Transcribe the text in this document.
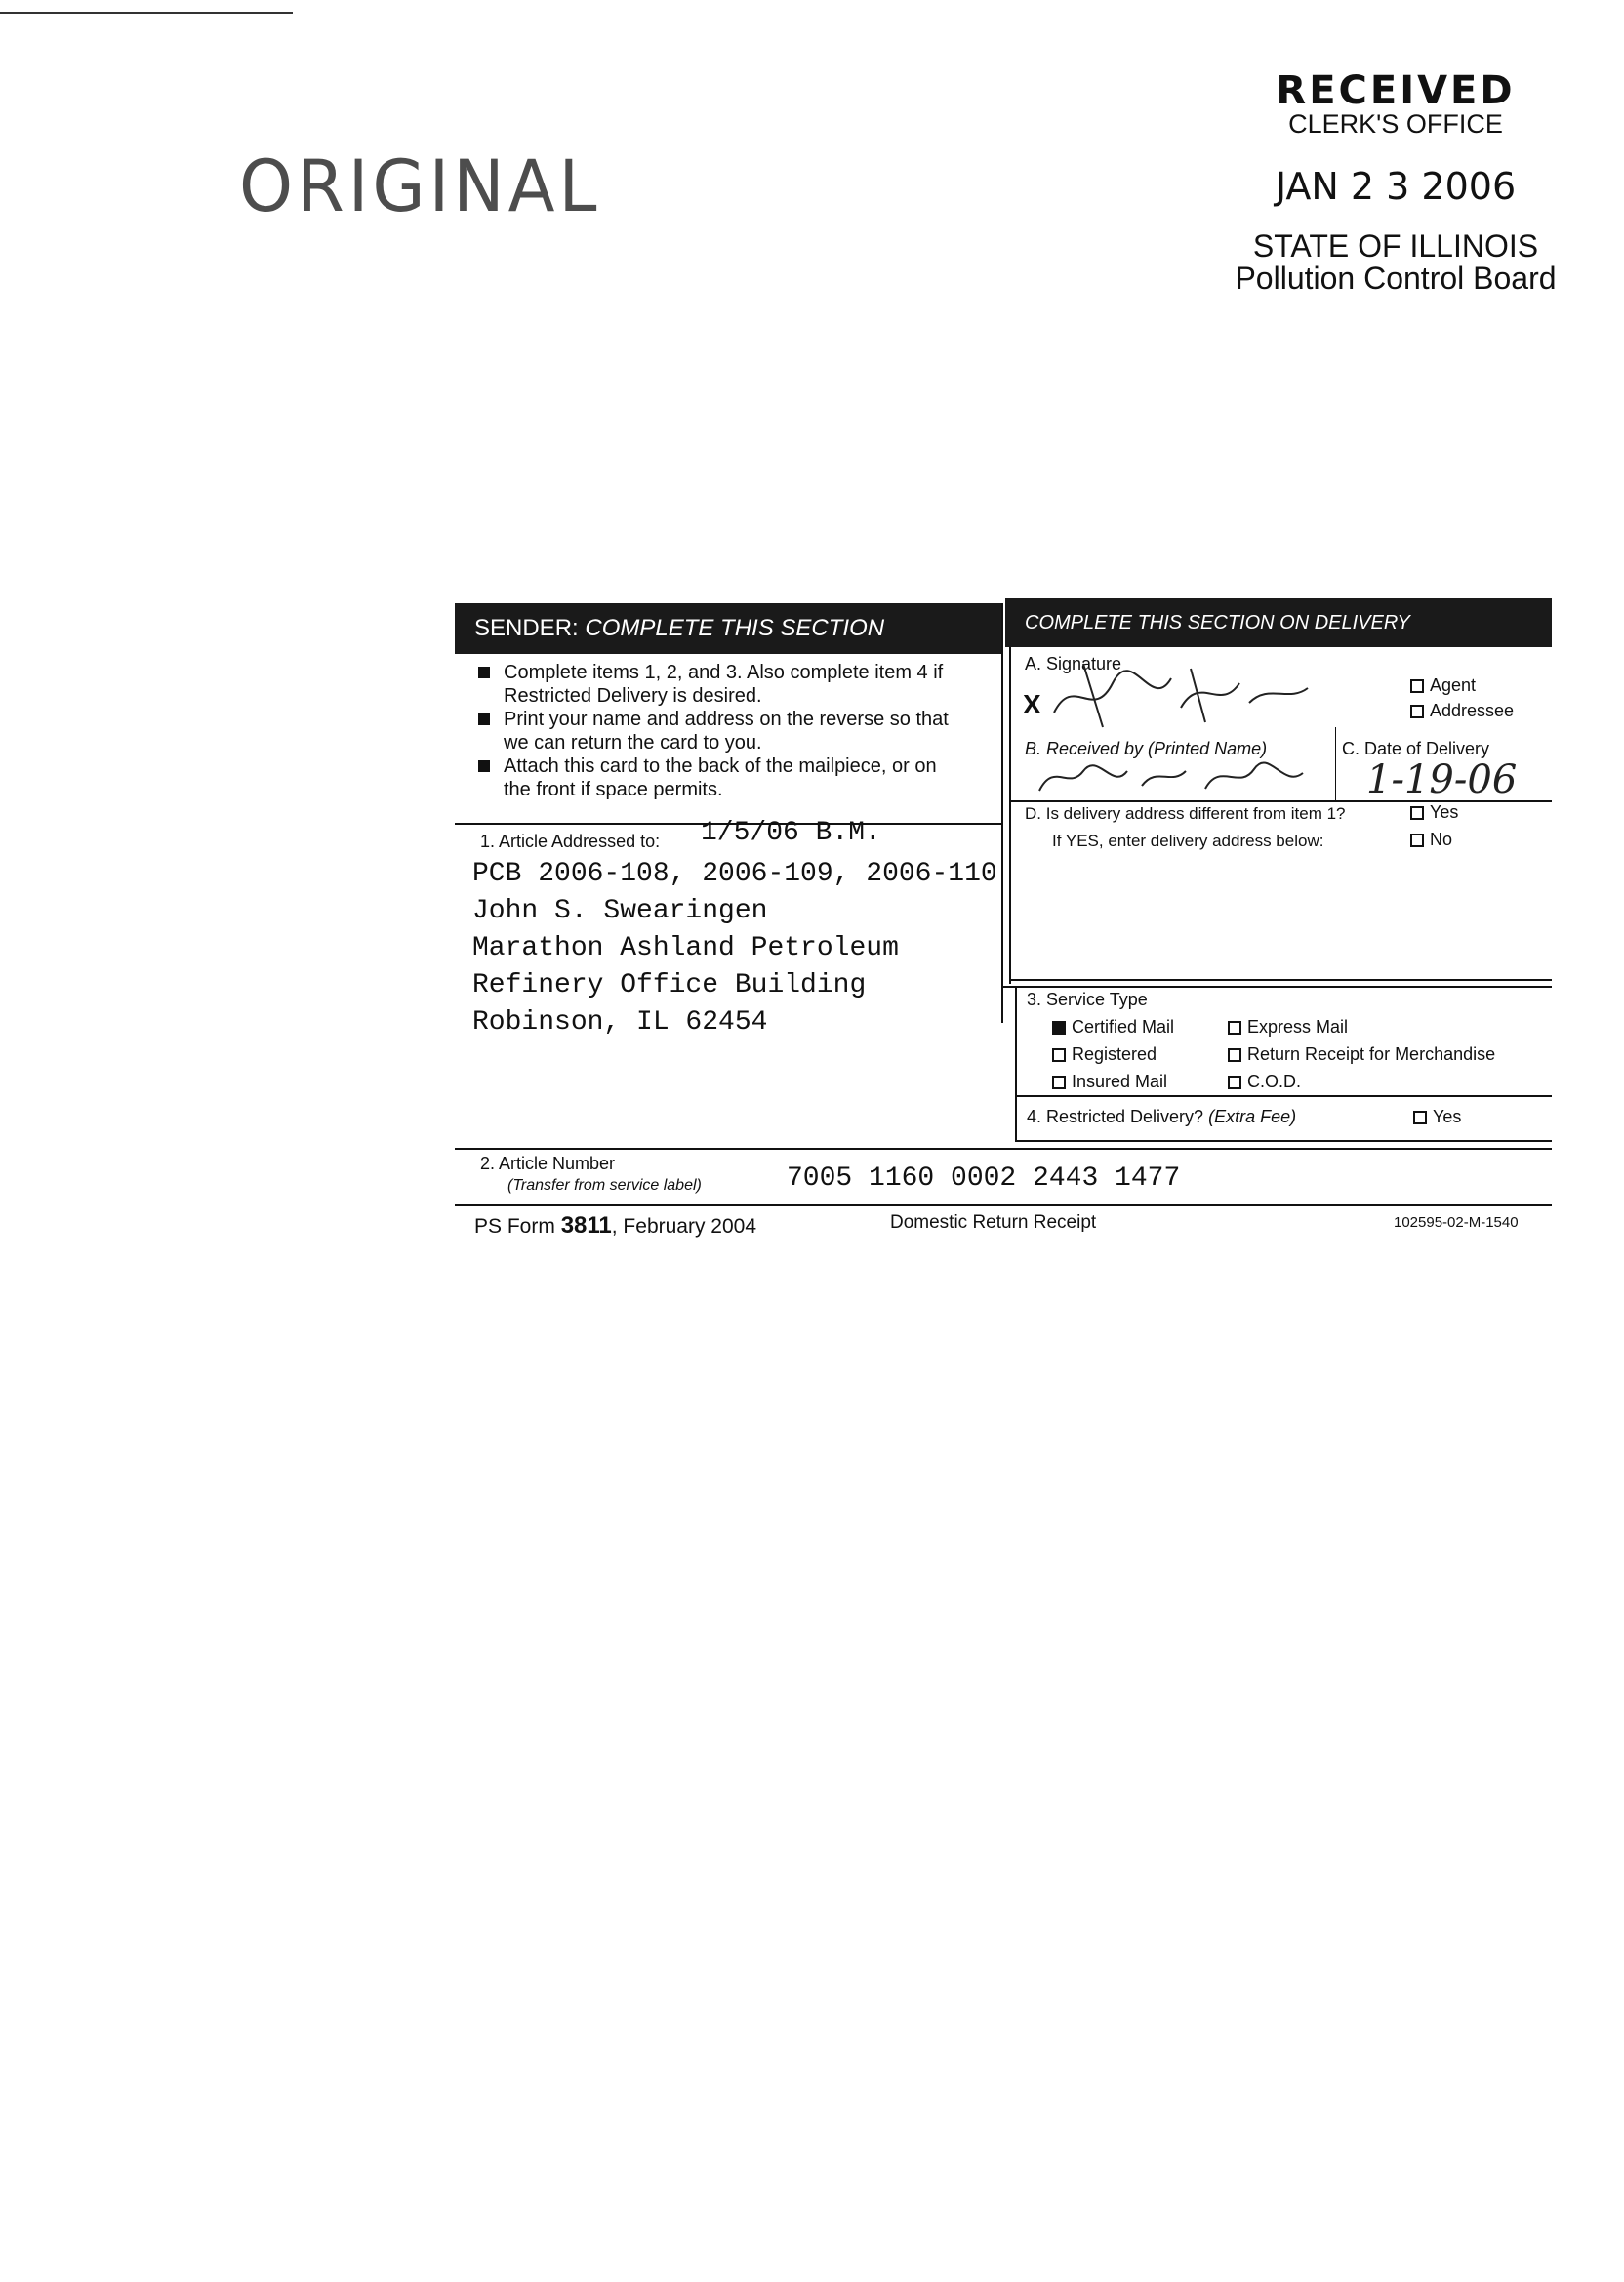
ORIGINAL
RECEIVED
CLERK'S OFFICE
JAN 2 3 2006
STATE OF ILLINOIS
Pollution Control Board
SENDER: COMPLETE THIS SECTION	COMPLETE THIS SECTION ON DELIVERY
Complete items 1, 2, and 3. Also complete item 4 if Restricted Delivery is desired.
Print your name and address on the reverse so that we can return the card to you.
Attach this card to the back of the mailpiece, or on the front if space permits.
1. Article Addressed to: 1/5/06 B.M.
PCB 2006-108, 2006-109, 2006-110
John S. Swearingen
Marathon Ashland Petroleum
Refinery Office Building
Robinson, IL 62454
A. Signature
X
Agent
Addressee
B. Received by (Printed Name)	C. Date of Delivery
1-19-06
D. Is delivery address different from item 1?
If YES, enter delivery address below:
Yes
No
3. Service Type
Certified Mail	Express Mail
Registered	Return Receipt for Merchandise
Insured Mail	C.O.D.
4. Restricted Delivery? (Extra Fee)	Yes
2. Article Number
(Transfer from service label)	7005 1160 0002 2443 1477
PS Form 3811, February 2004	Domestic Return Receipt	102595-02-M-1540
